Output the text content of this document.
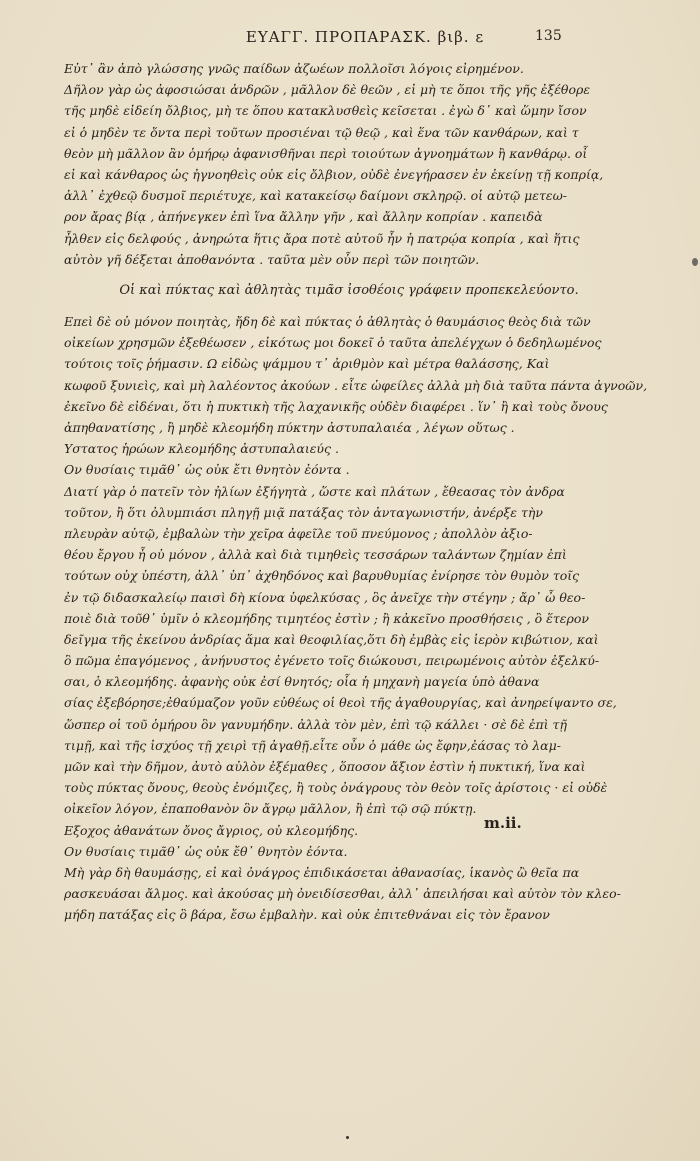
ΕΥΑΓΓ. ΠΡΟΠΑΡΑΣΚ. βιβ. ε	135
» Εὐτ᾽ ἂν ἀπὸ γλώσσης γνῶς παίδων ἀζωέων πολλοῖσι λόγοις εἰρημένον.
Δῆλον γὰρ ὡς ἀφοσιώσαι ἀνδρῶν , μᾶλλον δὲ θεῶν , εἰ μὴ τε ὅποι τῆς γῆς ἐξέθορε
τῆς μηδὲ εἰδείη ὄλβιος, μὴ τε ὅπου κατακλυσθεὶς κεῖσεται . ἐγὼ δ᾽ καὶ ὥμην ἴσον
εἰ ὁ μηδὲν τε ὄντα περὶ τοῦτων προσιέναι τῷ θεῷ , καὶ ἕνα τῶν κανθάρων, καὶ τ
θεὸν μὴ μᾶλλον ἂν ὁμήρῳ ἀφανισθῆναι περὶ τοιούτων ἀγνοημάτων ἢ κανθάρῳ. οἶ
εἰ καὶ κάνθαρος ὡς ἠγνοηθεὶς οὐκ εἰς ὄλβιον, οὐδὲ ἐνεγήρασεν ἐν ἐκείνῃ τῇ κοπρίᾳ,
ἀλλ᾽ ἐχθεῷ δυσμοῖ περιέτυχε, καὶ κατακείσῳ δαίμονι σκληρῷ. οἱ αὐτῷ μετεω-
ρον ἄρας βίᾳ , ἀπήνεγκεν ἐπὶ ἵνα ἄλλην γῆν , καὶ ἄλλην κοπρίαν . καπειδὰ
ἦλθεν εἰς δελφούς , ἀνηρώτα ἥτις ἄρα ποτὲ αὐτοῦ ἦν ἡ πατρῴα κοπρία , καὶ ἥτις
αὐτὸν γῆ δέξεται ἀποθανόντα . ταῦτα μὲν οὖν περὶ τῶν ποιητῶν.
Οἱ καὶ πύκτας καὶ ἀθλητὰς τιμᾶσ ἰσοθέοις γράφειν προπεκελεύοντο.
Επεὶ δὲ οὐ μόνον ποιητὰς, ἤδη δὲ καὶ πύκτας ὁ ἀθλητὰς ὁ θαυμάσιος θεὸς διὰ τῶν
οἰκείων χρησμῶν ἐξεθέωσεν , εἰκότως μοι δοκεῖ ὁ ταῦτα ἀπελέγχων ὁ δεδηλωμένος
» τούτοις τοῖς ῥήμασιν. Ω εἰδὼς ψάμμου τ᾽ ἀριθμὸν καὶ μέτρα θαλάσσης, Καὶ
» κωφοῦ ξυνιεὶς, καὶ μὴ λαλέοντος ἀκούων . εἶτε ὡφείλες ἀλλὰ μὴ διὰ ταῦτα πάντα ἀγνοῶν,
» ἐκεῖνο δὲ εἰδέναι, ὅτι ἡ πυκτικὴ τῆς λαχανικῆς οὐδὲν διαφέρει . ἵν᾽ ἢ καὶ τοὺς ὄνους
» ἀπηθανατίσης , ἢ μηδὲ κλεομήδη πύκτην ἀστυπαλαιέα , λέγων οὕτως .
» Υστατος ἡρώων κλεομήδης ἀστυπαλαιεύς .
» Ον θυσίαις τιμᾶθ᾽ ὡς οὐκ ἔτι θνητὸν ἐόντα .
Διατί γὰρ ὁ πατεῖν τὸν ἠλίων ἐξήγητὰ , ὥστε καὶ πλάτων , ἔθεασας τὸν ἀνδρα
τοῦτον, ἢ ὅτι ὀλυμπιάσι πληγῇ μιᾷ πατάξας τὸν ἀνταγωνιστήν, ἀνέρξε τὴν
πλευρὰν αὐτῷ, ἐμβαλὼν τὴν χεῖρα ἀφεῖλε τοῦ πνεύμονος ; ἀπολλὸν ἀξιο-
θέου ἔργου ἦ οὐ μόνον , ἀλλὰ καὶ διὰ τιμηθεὶς τεσσάρων ταλάντων ζημίαν ἐπὶ
τούτων οὐχ ὑπέστη, ἀλλ᾽ ὑπ᾽ ἀχθηδόνος καὶ βαρυθυμίας ἐνίρησε τὸν θυμὸν τοῖς
ἐν τῷ διδασκαλείῳ παισὶ δὴ κίονα ὑφελκύσας , ὃς ἀνεῖχε τὴν στέγην ; ἄρ᾽ ὦ θεο-
ποιὲ διὰ τοῦθ᾽ ὑμῖν ὁ κλεομήδης τιμητέος ἐστὶν ; ἢ κἀκεῖνο προσθήσεις , ὃ ἕτερον
δεῖγμα τῆς ἐκείνου ἀνδρίας ἅμα καὶ θεοφιλίας,ὅτι δὴ ἐμβὰς εἰς ἱερὸν κιβώτιον, καὶ
ὃ πῶμα ἐπαγόμενος , ἀνήνυστος ἐγένετο τοῖς διώκουσι, πειρωμένοις αὐτὸν ἐξελκύ-
σαι, ὁ κλεομήδης. ἀφανὴς οὐκ ἐσί θνητός; οἷα ἡ μηχανὴ μαγεία ὑπὸ ἀθανα
σίας ἐξεβόρησε;ἐθαύμαζον γοῦν εὐθέως οἱ θεοὶ τῆς ἀγαθουργίας, καὶ ἀνηρείψαντο σε,
ὥσπερ οἱ τοῦ ὁμήρου ὃν γανυμήδην. ἀλλὰ τὸν μὲν, ἐπὶ τῷ κάλλει · σὲ δὲ ἐπὶ τῇ
τιμῇ, καὶ τῆς ἰσχύος τῇ χειρὶ τῇ ἀγαθῇ.εἶτε οὖν ὁ μάθε ὡς ἔφην,ἐάσας τὸ λαμ-
μῶν καὶ τὴν δῆμον, ἀυτὸ αὐλὸν ἐξέμαθες , ὅποσον ἄξιον ἐστὶν ἡ πυκτική, ἵνα καὶ
τοὺς πύκτας ὄνους, θεοὺς ἐνόμιζες, ἢ τοὺς ὀνάγρους τὸν θεὸν τοῖς ἀρίστοις · εἰ οὐδὲ
οἰκεῖον λόγον, ἐπαποθανὸν ὃν ἄγρῳ μᾶλλον, ἢ ἐπὶ τῷ σῷ πύκτῃ.
» Εξοχος ἀθανάτων ὄνος ἄγριος, οὐ κλεομήδης.
» Ον θυσίαις τιμᾶθ᾽ ὡς οὐκ ἔθ᾽ θνητὸν ἐόντα.
Μὴ γὰρ δὴ θαυμάσῃς, εἰ καὶ ὀνάγρος ἐπιδικάσεται ἀθανασίας, ἱκανὸς ὢ θεῖα πα
ρασκευάσαι ἄλμος. καὶ ἀκούσας μὴ ὀνειδίσεσθαι, ἀλλ᾽ ἀπειλήσαι καὶ αὐτὸν τὸν κλεο-
μήδη πατάξας εἰς ὃ βάρα, ἔσω ἐμβαλὴν. καὶ οὐκ ἐπιτεθνάναι εἰς τὸν ἔρανον
m.ii.
